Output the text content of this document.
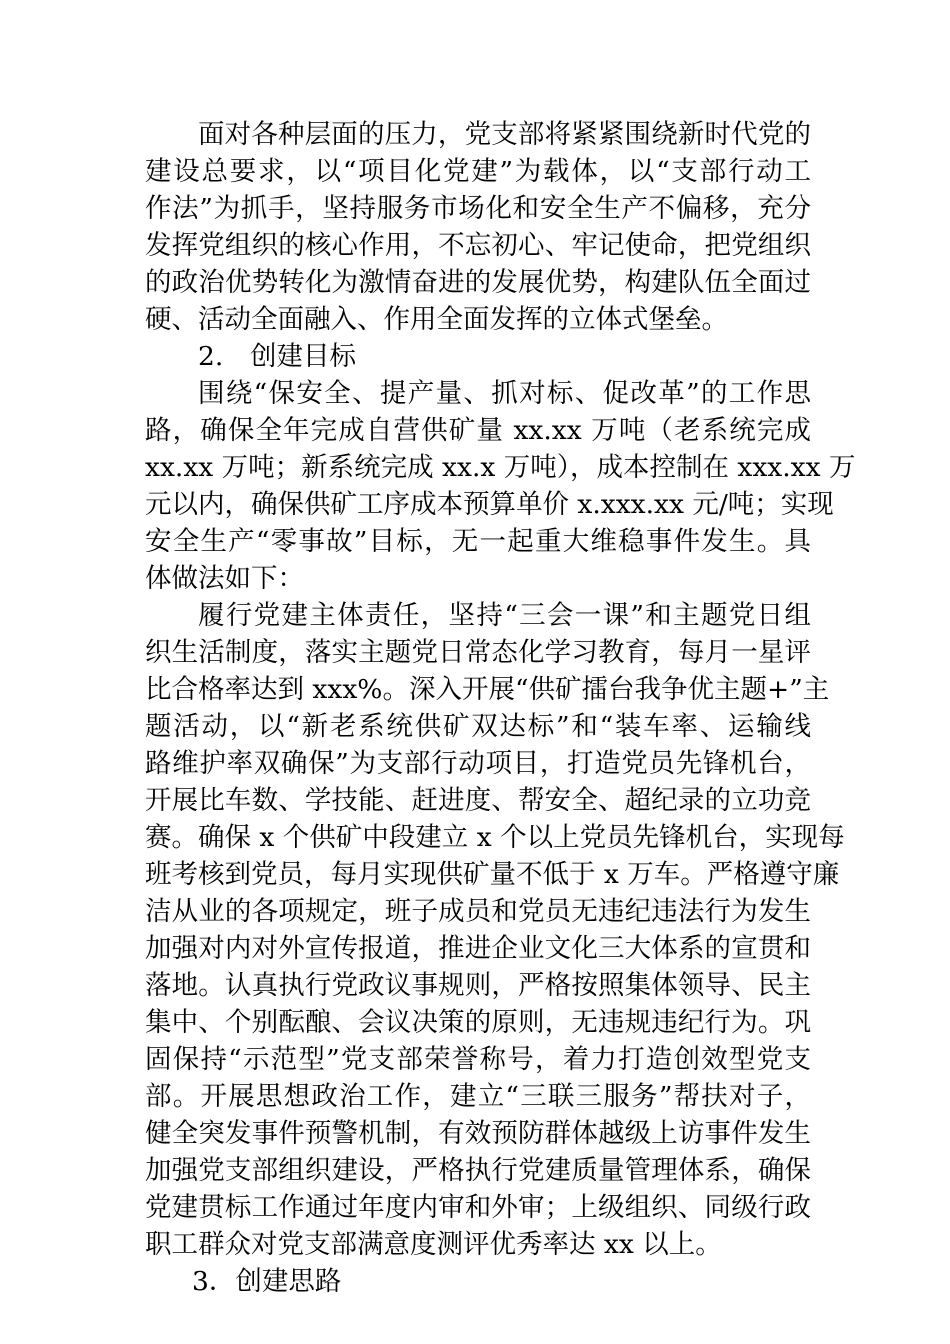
面对各种层面的压力，党支部将紧紧围绕新时代党的
建设总要求，以“项目化党建”为载体，以“支部行动工
作法”为抓手，坚持服务市场化和安全生产不偏移，充分
发挥党组织的核心作用，不忘初心、牢记使命，把党组织
的政治优势转化为激情奋进的发展优势，构建队伍全面过
硬、活动全面融入、作用全面发挥的立体式堡垒。
2. 创建目标
围绕“保安全、提产量、抓对标、促改革”的工作思
路，确保全年完成自营供矿量 xx.xx 万吨（老系统完成
xx.xx 万吨；新系统完成 xx.x 万吨），成本控制在 xxx.xx 万
元以内，确保供矿工序成本预算单价 x.xxx.xx 元/吨；实现
安全生产“零事故”目标，无一起重大维稳事件发生。具
体做法如下：
履行党建主体责任，坚持“三会一课”和主题党日组
织生活制度，落实主题党日常态化学习教育，每月一星评
比合格率达到 xxx%。深入开展“供矿擂台我争优主题+”主
题活动，以“新老系统供矿双达标”和“装车率、运输线
路维护率双确保”为支部行动项目，打造党员先锋机台，
开展比车数、学技能、赶进度、帮安全、超纪录的立功竞
赛。确保 x 个供矿中段建立 x 个以上党员先锋机台，实现每
班考核到党员，每月实现供矿量不低于 x 万车。严格遵守廉
洁从业的各项规定，班子成员和党员无违纪违法行为发生
加强对内对外宣传报道，推进企业文化三大体系的宣贯和
落地。认真执行党政议事规则，严格按照集体领导、民主
集中、个别酝酿、会议决策的原则，无违规违纪行为。巩
固保持“示范型”党支部荣誉称号，着力打造创效型党支
部。开展思想政治工作，建立“三联三服务”帮扶对子，
健全突发事件预警机制，有效预防群体越级上访事件发生
加强党支部组织建设，严格执行党建质量管理体系，确保
党建贯标工作通过年度内审和外审；上级组织、同级行政
职工群众对党支部满意度测评优秀率达 xx 以上。
3．创建思路
